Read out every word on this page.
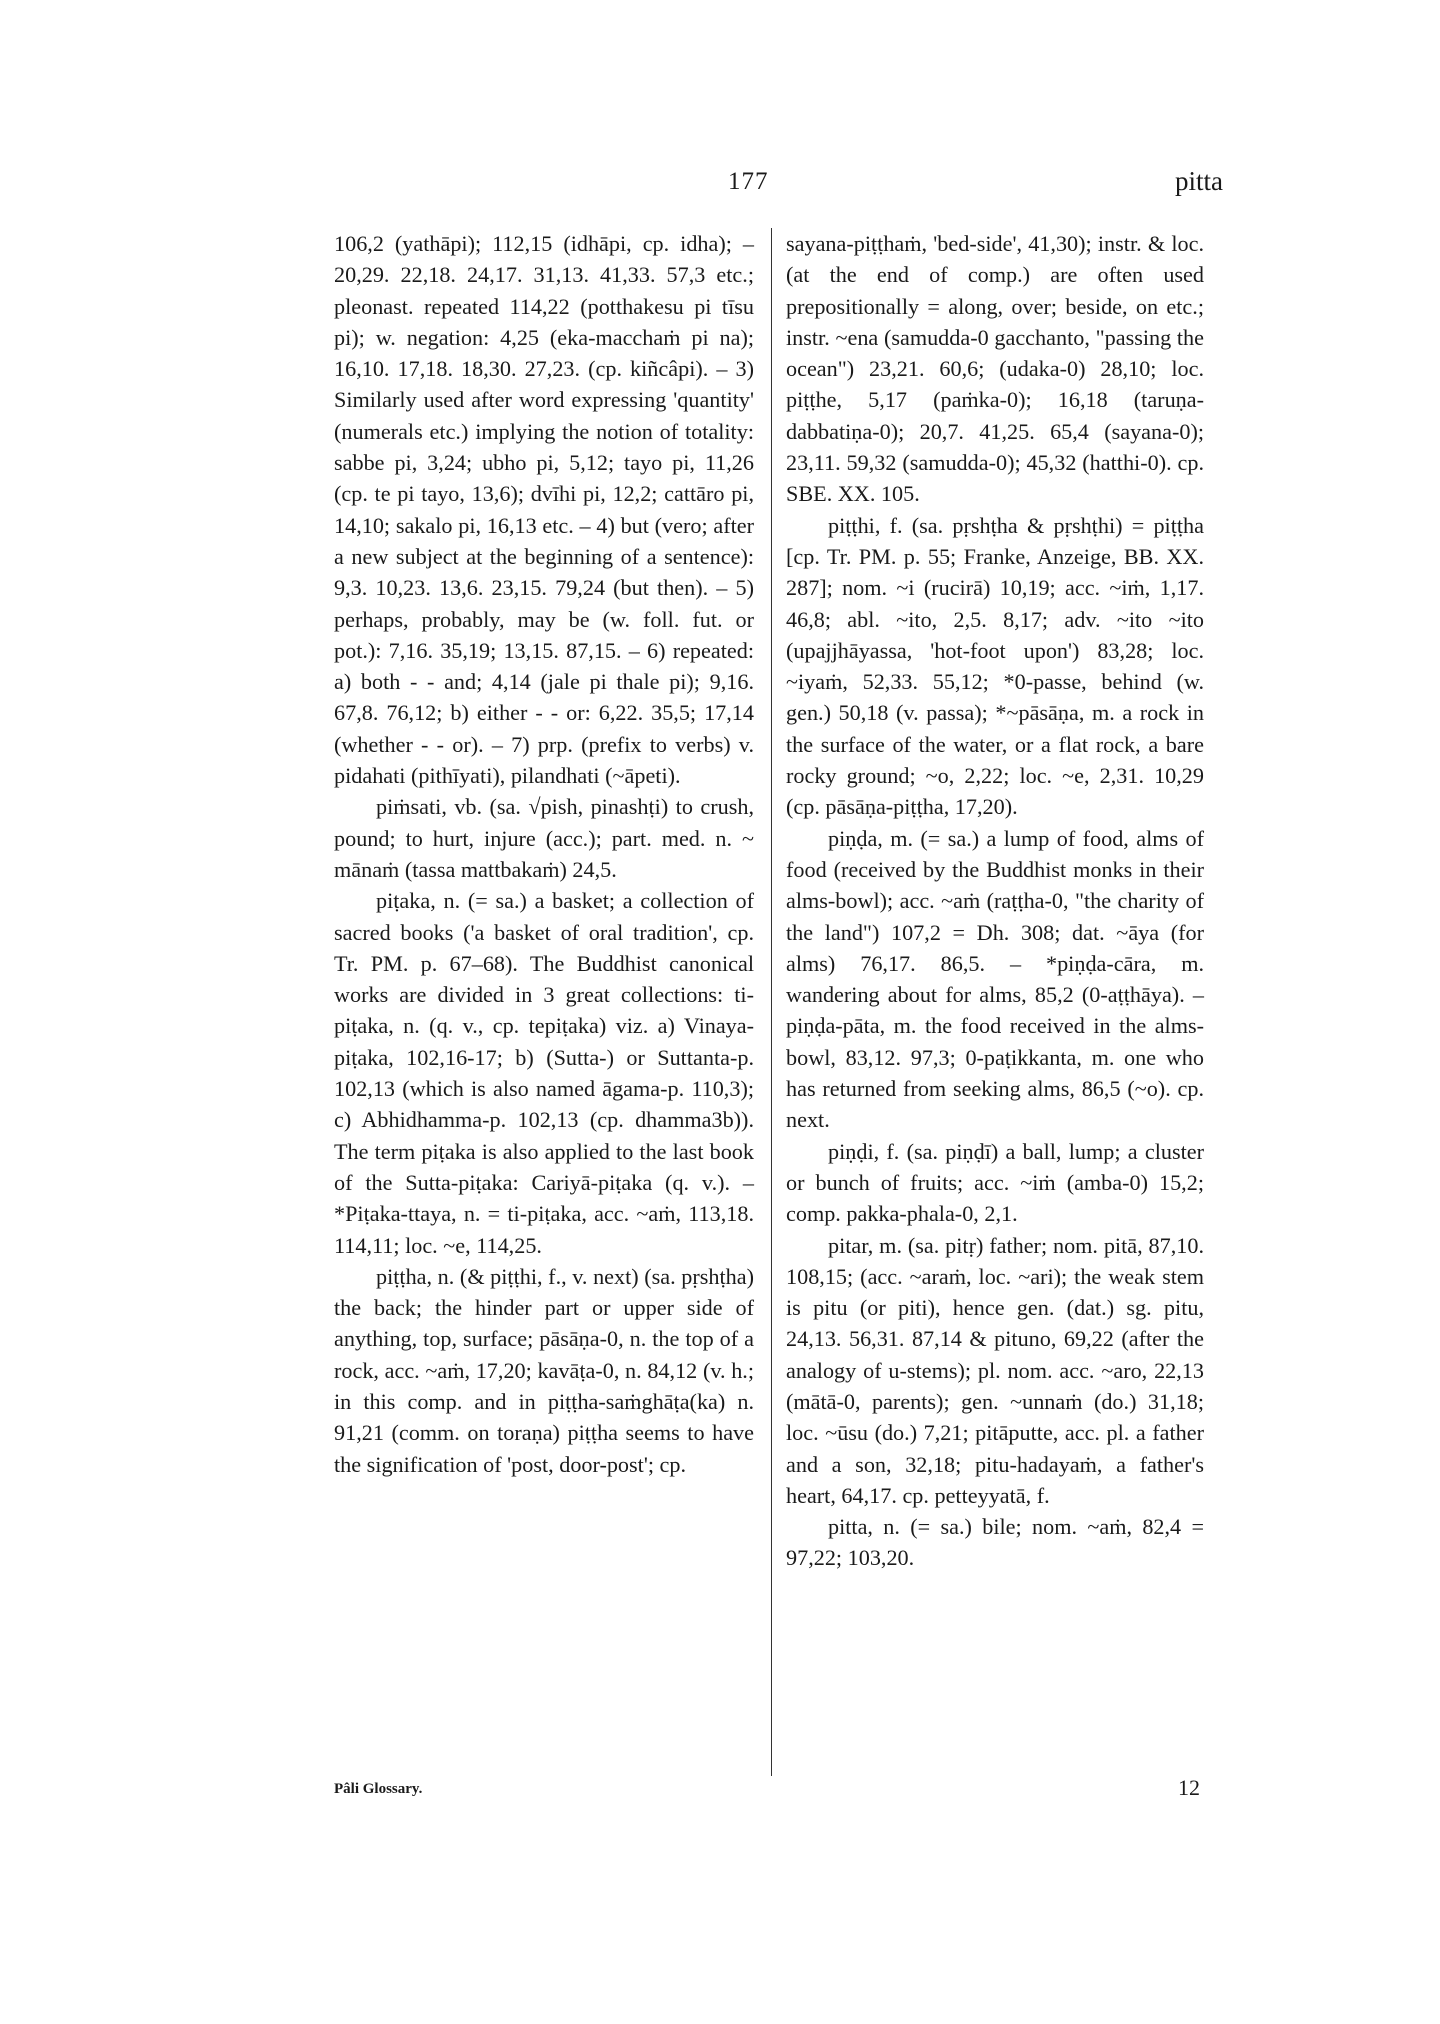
177	pitta

106,2 (yathāpi); 112,15 (idhāpi, cp. idha); – 20,29. 22,18. 24,17. 31,13. 41,33. 57,3 etc.; pleonast. repeated 114,22 (potthakesu pi tīsu pi); w. negation: 4,25 (eka-macchaṁ pi na); 16,10. 17,18. 18,30. 27,23. (cp. kiñcâpi). – 3) Similarly used after word expressing 'quantity' (numerals etc.) implying the notion of totality: sabbe pi, 3,24; ubho pi, 5,12; tayo pi, 11,26 (cp. te pi tayo, 13,6); dvīhi pi, 12,2; cattāro pi, 14,10; sakalo pi, 16,13 etc. – 4) but (vero; after a new subject at the beginning of a sentence): 9,3. 10,23. 13,6. 23,15. 79,24 (but then). – 5) perhaps, probably, may be (w. foll. fut. or pot.): 7,16. 35,19; 13,15. 87,15. – 6) repeated: a) both - - and; 4,14 (jale pi thale pi); 9,16. 67,8. 76,12; b) either - - or: 6,22. 35,5; 17,14 (whether - - or). – 7) prp. (prefix to verbs) v. pidahati (pithīyati), pilandhati (~āpeti).

piṁsati, vb. (sa. √pish, pinashṭi) to crush, pound; to hurt, injure (acc.); part. med. n. ~ mānaṁ (tassa mattbakaṁ) 24,5.

piṭaka, n. (= sa.) a basket; a collection of sacred books ('a basket of oral tradition', cp. Tr. PM. p. 67–68). The Buddhist canonical works are divided in 3 great collections: ti-piṭaka, n. (q. v., cp. tepiṭaka) viz. a) Vinaya-piṭaka, 102,16-17; b) (Sutta-) or Suttanta-p. 102,13 (which is also named āgama-p. 110,3); c) Abhidhamma-p. 102,13 (cp. dhamma3b)). The term piṭaka is also applied to the last book of the Sutta-piṭaka: Cariyā-piṭaka (q. v.). – *Piṭaka-ttaya, n. = ti-piṭaka, acc. ~aṁ, 113,18. 114,11; loc. ~e, 114,25.

piṭṭha, n. (& piṭṭhi, f., v. next) (sa. pṛshṭha) the back; the hinder part or upper side of anything, top, surface; pāsāṇa-0, n. the top of a rock, acc. ~aṁ, 17,20; kavāṭa-0, n. 84,12 (v. h.; in this comp. and in piṭṭha-saṁghāṭa(ka) n. 91,21 (comm. on toraṇa) piṭṭha seems to have the signification of 'post, door-post'; cp.

sayana-piṭṭhaṁ, 'bed-side', 41,30); instr. & loc. (at the end of comp.) are often used prepositionally = along, over; beside, on etc.; instr. ~ena (samudda-0 gacchanto, "passing the ocean") 23,21. 60,6; (udaka-0) 28,10; loc. piṭṭhe, 5,17 (paṁka-0); 16,18 (taruṇa-dabbatiṇa-0); 20,7. 41,25. 65,4 (sayana-0); 23,11. 59,32 (samudda-0); 45,32 (hatthi-0). cp. SBE. XX. 105.

piṭṭhi, f. (sa. pṛshṭha & pṛshṭhi) = piṭṭha [cp. Tr. PM. p. 55; Franke, Anzeige, BB. XX. 287]; nom. ~i (rucirā) 10,19; acc. ~iṁ, 1,17. 46,8; abl. ~ito, 2,5. 8,17; adv. ~ito ~ito (upajjhāyassa, 'hot-foot upon') 83,28; loc. ~iyaṁ, 52,33. 55,12; *0-passe, behind (w. gen.) 50,18 (v. passa); *~pāsāṇa, m. a rock in the surface of the water, or a flat rock, a bare rocky ground; ~o, 2,22; loc. ~e, 2,31. 10,29 (cp. pāsāṇa-piṭṭha, 17,20).

piṇḍa, m. (= sa.) a lump of food, alms of food (received by the Buddhist monks in their alms-bowl); acc. ~aṁ (raṭṭha-0, "the charity of the land") 107,2 = Dh. 308; dat. ~āya (for alms) 76,17. 86,5. – *piṇḍa-cāra, m. wandering about for alms, 85,2 (0-aṭṭhāya). – piṇḍa-pāta, m. the food received in the alms-bowl, 83,12. 97,3; 0-paṭikkanta, m. one who has returned from seeking alms, 86,5 (~o). cp. next.

piṇḍi, f. (sa. piṇḍī) a ball, lump; a cluster or bunch of fruits; acc. ~iṁ (amba-0) 15,2; comp. pakka-phala-0, 2,1.

pitar, m. (sa. pitṛ) father; nom. pitā, 87,10. 108,15; (acc. ~araṁ, loc. ~ari); the weak stem is pitu (or piti), hence gen. (dat.) sg. pitu, 24,13. 56,31. 87,14 & pituno, 69,22 (after the analogy of u-stems); pl. nom. acc. ~aro, 22,13 (mātā-0, parents); gen. ~unnaṁ (do.) 31,18; loc. ~ūsu (do.) 7,21; pitāputte, acc. pl. a father and a son, 32,18; pitu-hadayaṁ, a father's heart, 64,17. cp. petteyyatā, f.

pitta, n. (= sa.) bile; nom. ~aṁ, 82,4 = 97,22; 103,20.

Pâli Glossary.	12
